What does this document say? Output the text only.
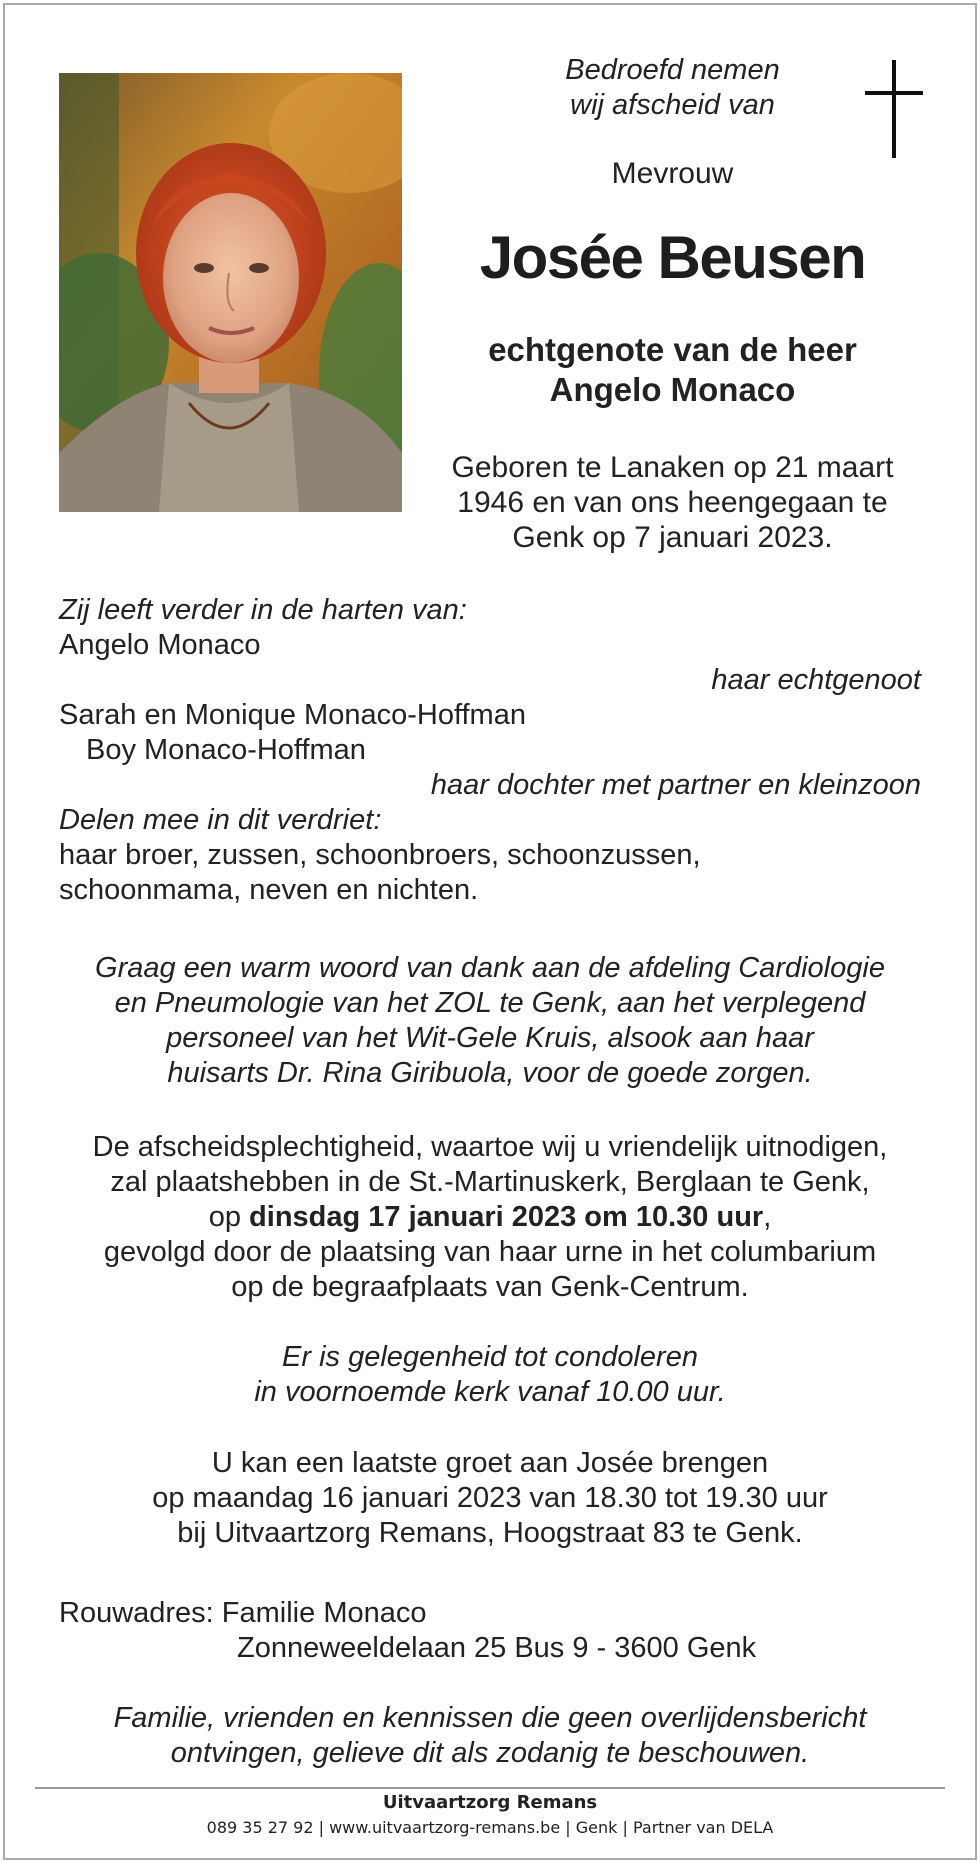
Bedroefd nemen
wij afscheid van
Mevrouw
Josée Beusen
echtgenote van de heer
Angelo Monaco
Geboren te Lanaken op 21 maart
1946 en van ons heengegaan te
Genk op 7 januari 2023.
Zij leeft verder in de harten van:
Angelo Monaco
haar echtgenoot
Sarah en Monique Monaco-Hoffman
Boy Monaco-Hoffman
haar dochter met partner en kleinzoon
Delen mee in dit verdriet:
haar broer, zussen, schoonbroers, schoonzussen,
schoonmama, neven en nichten.
Graag een warm woord van dank aan de afdeling Cardiologie
en Pneumologie van het ZOL te Genk, aan het verplegend
personeel van het Wit-Gele Kruis, alsook aan haar
huisarts Dr. Rina Giribuola, voor de goede zorgen.
De afscheidsplechtigheid, waartoe wij u vriendelijk uitnodigen,
zal plaatshebben in de St.-Martinuskerk, Berglaan te Genk,
op dinsdag 17 januari 2023 om 10.30 uur,
gevolgd door de plaatsing van haar urne in het columbarium
op de begraafplaats van Genk-Centrum.
Er is gelegenheid tot condoleren
in voornoemde kerk vanaf 10.00 uur.
U kan een laatste groet aan Josée brengen
op maandag 16 januari 2023 van 18.30 tot 19.30 uur
bij Uitvaartzorg Remans, Hoogstraat 83 te Genk.
Rouwadres: Familie Monaco
Zonneweeldelaan 25 Bus 9 - 3600 Genk
Familie, vrienden en kennissen die geen overlijdensbericht
ontvingen, gelieve dit als zodanig te beschouwen.
Uitvaartzorg Remans
089 35 27 92 | www.uitvaartzorg-remans.be | Genk | Partner van DELA
